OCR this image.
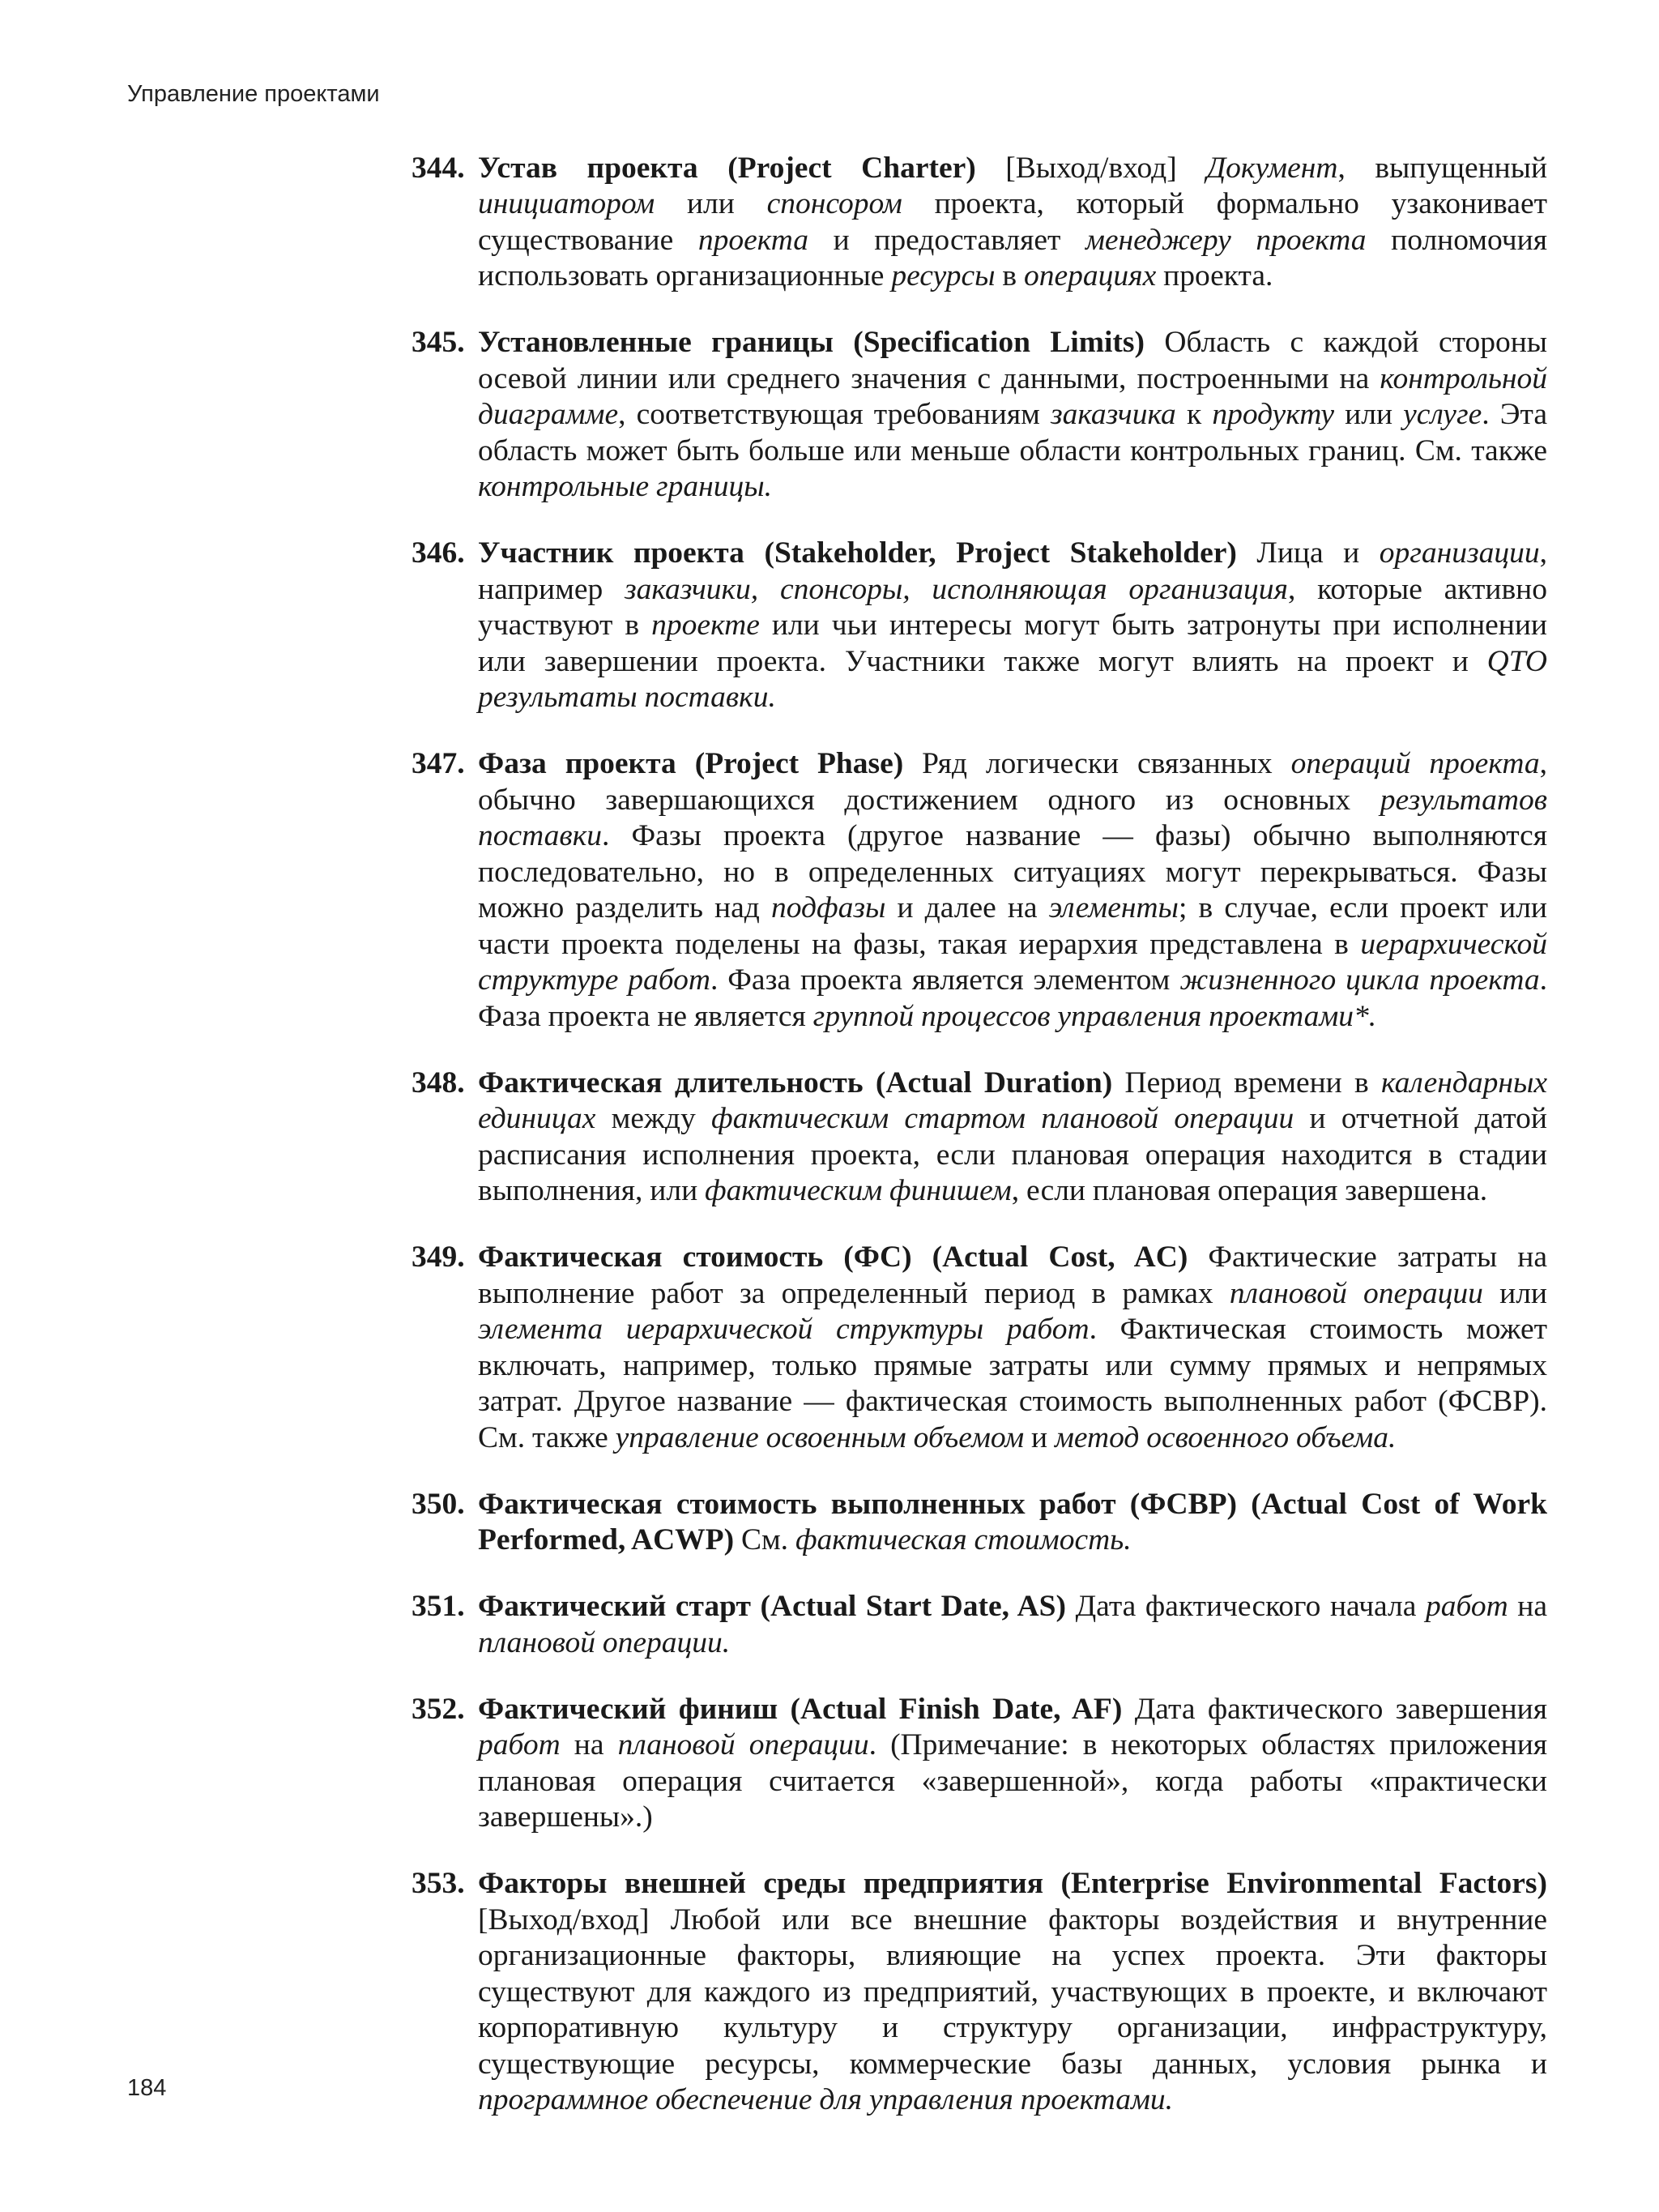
Управление проектами

344. Устав проекта (Project Charter) [Выход/вход] Документ, выпущенный инициатором или спонсором проекта, который формально узаконивает существование проекта и предоставляет менеджеру проекта полномочия использовать организационные ресурсы в операциях проекта.

345. Установленные границы (Specification Limits) Область с каждой стороны осевой линии или среднего значения с данными, построенными на контрольной диаграмме, соответствующая требованиям заказчика к продукту или услуге. Эта область может быть больше или меньше области контрольных границ. См. также контрольные границы.

346. Участник проекта (Stakeholder, Project Stakeholder) Лица и организации, например заказчики, спонсоры, исполняющая организация, которые активно участвуют в проекте или чьи интересы могут быть затронуты при исполнении или завершении проекта. Участники также могут влиять на проект и QTO результаты поставки.

347. Фаза проекта (Project Phase) Ряд логически связанных операций проекта, обычно завершающихся достижением одного из основных результатов поставки. Фазы проекта (другое название — фазы) обычно выполняются последовательно, но в определенных ситуациях могут перекрываться. Фазы можно разделить над подфазы и далее на элементы; в случае, если проект или части проекта поделены на фазы, такая иерархия представлена в иерархической структуре работ. Фаза проекта является элементом жизненного цикла проекта. Фаза проекта не является группой процессов управления проектами*.

348. Фактическая длительность (Actual Duration) Период времени в календарных единицах между фактическим стартом плановой операции и отчетной датой расписания исполнения проекта, если плановая операция находится в стадии выполнения, или фактическим финишем, если плановая операция завершена.

349. Фактическая стоимость (ФС) (Actual Cost, AC) Фактические затраты на выполнение работ за определенный период в рамках плановой операции или элемента иерархической структуры работ. Фактическая стоимость может включать, например, только прямые затраты или сумму прямых и непрямых затрат. Другое название — фактическая стоимость выполненных работ (ФСВР). См. также управление освоенным объемом и метод освоенного объема.

350. Фактическая стоимость выполненных работ (ФСВР) (Actual Cost of Work Performed, ACWP) См. фактическая стоимость.

351. Фактический старт (Actual Start Date, AS) Дата фактического начала работ на плановой операции.

352. Фактический финиш (Actual Finish Date, AF) Дата фактического завершения работ на плановой операции. (Примечание: в некоторых областях приложения плановая операция считается «завершенной», когда работы «практически завершены».)

353. Факторы внешней среды предприятия (Enterprise Environmental Factors) [Выход/вход] Любой или все внешние факторы воздействия и внутренние организационные факторы, влияющие на успех проекта. Эти факторы существуют для каждого из предприятий, участвующих в проекте, и включают корпоративную культуру и структуру организации, инфраструктуру, существующие ресурсы, коммерческие базы данных, условия рынка и программное обеспечение для управления проектами.

184
